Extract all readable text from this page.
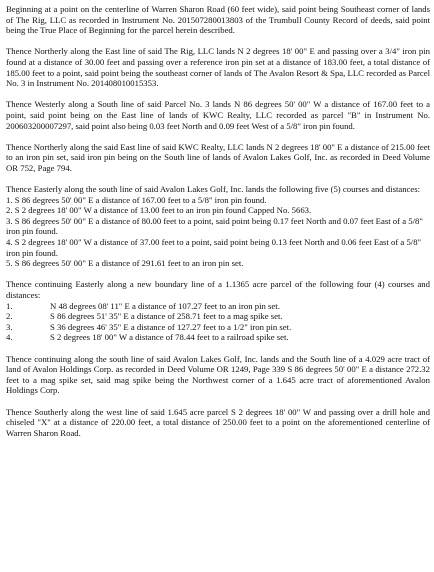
Beginning at a point on the centerline of Warren Sharon Road (60 feet wide), said point being Southeast corner of lands of The Rig, LLC as recorded in Instrument No. 201507280013803 of the Trumbull County Record of deeds, said point being the True Place of Beginning for the parcel herein described.

Thence Northerly along the East line of said The Rig, LLC lands N 2 degrees 18' 00" E and passing over a 3/4" iron pin found at a distance of 30.00 feet and passing over a reference iron pin set at a distance of 183.00 feet, a total distance of 185.00 feet to a point, said point being the southeast corner of lands of The Avalon Resort & Spa, LLC recorded as Parcel No. 3 in Instrument No. 201408010015353.

Thence Westerly along a South line of said Parcel No. 3 lands N 86 degrees 50' 00" W a distance of 167.00 feet to a point, said point being on the East line of lands of KWC Realty, LLC recorded as parcel "B" in Instrument No. 200603200007297, said point also being 0.03 feet North and 0.09 feet West of a 5/8" iron pin found.

Thence Northerly along the said East line of said KWC Realty, LLC lands N 2 degrees 18' 00" E a distance of 215.00 feet to an iron pin set, said iron pin being on the South line of lands of Avalon Lakes Golf, Inc. as recorded in Deed Volume OR 752, Page 794.

Thence Easterly along the south line of said Avalon Lakes Golf, Inc. lands the following five (5) courses and distances:
1. S 86 degrees 50' 00" E a distance of 167.00 feet to a 5/8" iron pin found.
2. S 2 degrees 18' 00" W a distance of 13.00 feet to an iron pin found Capped No. 5663.
3. S 86 degrees 50' 00" E a distance of 80.00 feet to a point, said point being 0.17 feet North and 0.07 feet East of a 5/8" iron pin found.
4. S 2 degrees 18' 00" W a distance of 37.00 feet to a point, said point being 0.13 feet North and 0.06 feet East of a 5/8" iron pin found.
5. S 86 degrees 50' 00" E a distance of 291.61 feet to an iron pin set.
Thence continuing Easterly along a new boundary line of a 1.1365 acre parcel of the following four (4) courses and distances:
1.	N 48 degrees 08' 11" E a distance of 107.27 feet to an iron pin set.
2.	S 86 degrees 51' 35" E a distance of 258.71 feet to a mag spike set.
3.	S 36 degrees 46' 35" E a distance of 127.27 feet to a 1/2" iron pin set.
4.	S 2 degrees 18' 00" W a distance of 78.44 feet to a railroad spike set.

Thence continuing along the south line of said Avalon Lakes Golf, Inc. lands and the South line of a 4.029 acre tract of land of Avalon Holdings Corp. as recorded in Deed Volume OR 1249, Page 339 S 86 degrees 50' 00" E a distance 272.32 feet to a mag spike set, said mag spike being the Northwest corner of a 1.645 acre tract of aforementioned Avalon Holdings Corp.

Thence Southerly along the west line of said 1.645 acre parcel S 2 degrees 18' 00" W and passing over a drill hole and chiseled "X" at a distance of 220.00 feet, a total distance of 250.00 feet to a point on the aforementioned centerline of Warren Sharon Road.
